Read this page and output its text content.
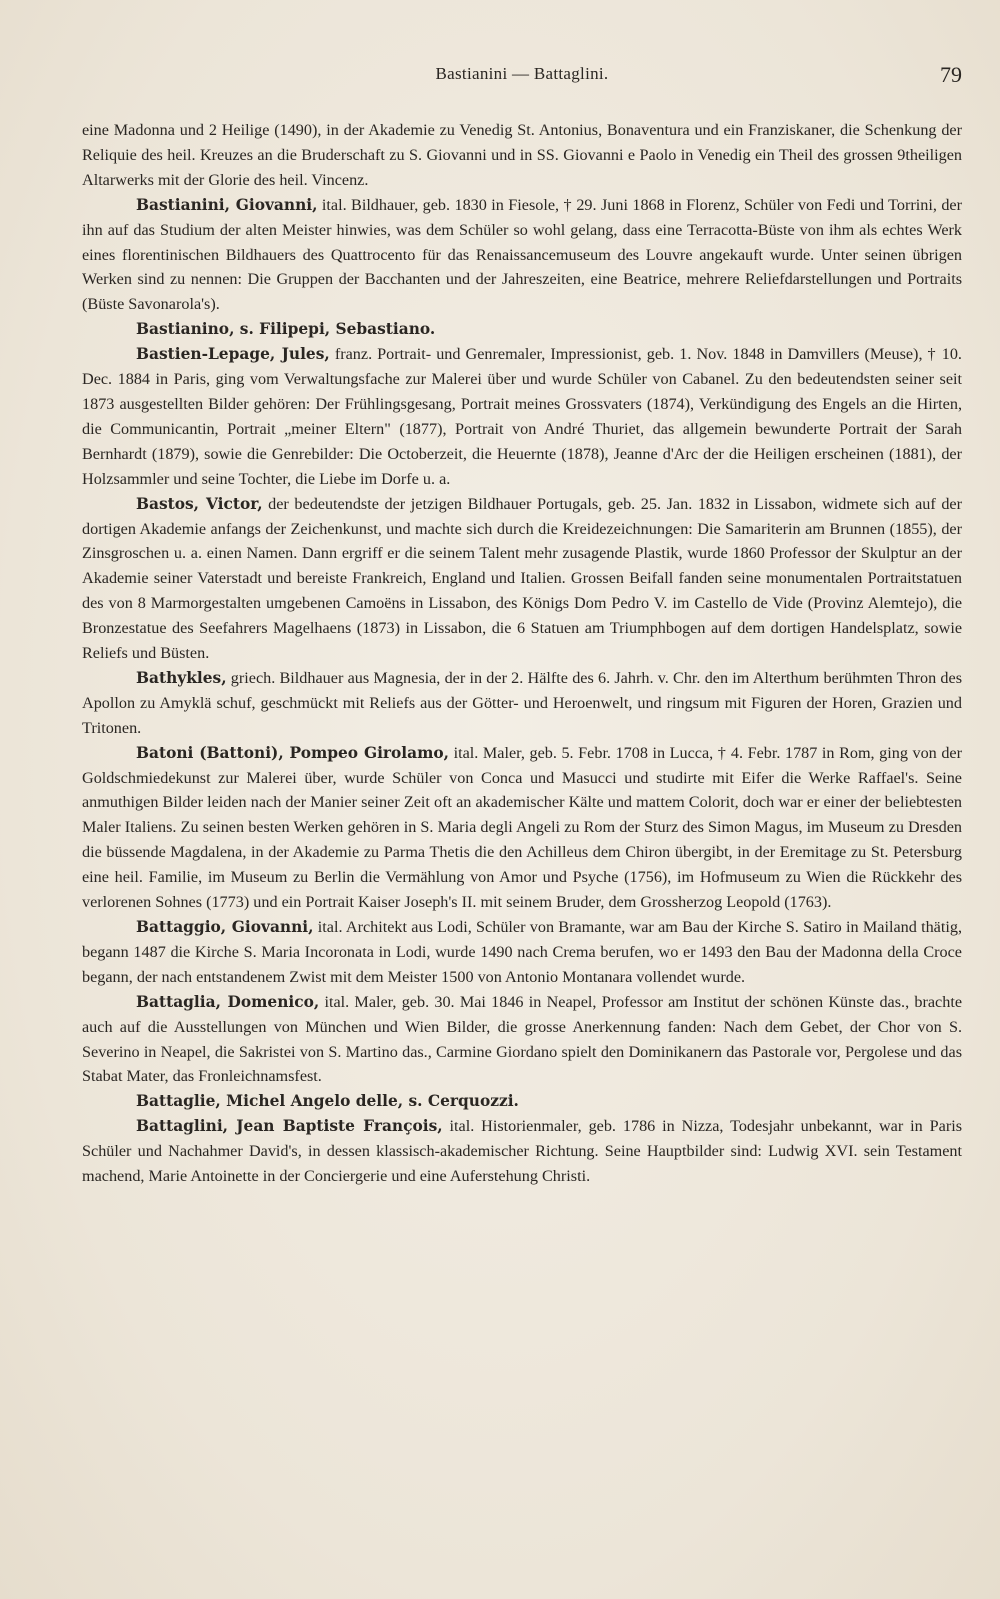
Bastianini — Battaglini.	79

eine Madonna und 2 Heilige (1490), in der Akademie zu Venedig St. Antonius, Bonaventura und ein Franziskaner, die Schenkung der Reliquie des heil. Kreuzes an die Bruderschaft zu S. Giovanni und in SS. Giovanni e Paolo in Venedig ein Theil des grossen 9theiligen Altarwerks mit der Glorie des heil. Vincenz.

Bastianini, Giovanni, ital. Bildhauer, geb. 1830 in Fiesole, † 29. Juni 1868 in Florenz, Schüler von Fedi und Torrini, der ihn auf das Studium der alten Meister hinwies, was dem Schüler so wohl gelang, dass eine Terracotta-Büste von ihm als echtes Werk eines florentinischen Bildhauers des Quattrocento für das Renaissancemuseum des Louvre angekauft wurde. Unter seinen übrigen Werken sind zu nennen: Die Gruppen der Bacchanten und der Jahreszeiten, eine Beatrice, mehrere Reliefdarstellungen und Portraits (Büste Savonarola's).

Bastianino, s. Filipepi, Sebastiano.

Bastien-Lepage, Jules, franz. Portrait- und Genremaler, Impressionist, geb. 1. Nov. 1848 in Damvillers (Meuse), † 10. Dec. 1884 in Paris, ging vom Verwaltungsfache zur Malerei über und wurde Schüler von Cabanel. Zu den bedeutendsten seiner seit 1873 ausgestellten Bilder gehören: Der Frühlingsgesang, Portrait meines Grossvaters (1874), Verkündigung des Engels an die Hirten, die Communicantin, Portrait „meiner Eltern" (1877), Portrait von André Thuriet, das allgemein bewunderte Portrait der Sarah Bernhardt (1879), sowie die Genrebilder: Die Octoberzeit, die Heuernte (1878), Jeanne d'Arc der die Heiligen erscheinen (1881), der Holzsammler und seine Tochter, die Liebe im Dorfe u. a.

Bastos, Victor, der bedeutendste der jetzigen Bildhauer Portugals, geb. 25. Jan. 1832 in Lissabon, widmete sich auf der dortigen Akademie anfangs der Zeichenkunst, und machte sich durch die Kreidezeichnungen: Die Samariterin am Brunnen (1855), der Zinsgroschen u. a. einen Namen. Dann ergriff er die seinem Talent mehr zusagende Plastik, wurde 1860 Professor der Skulptur an der Akademie seiner Vaterstadt und bereiste Frankreich, England und Italien. Grossen Beifall fanden seine monumentalen Portraitstatuen des von 8 Marmorgestalten umgebenen Camoëns in Lissabon, des Königs Dom Pedro V. im Castello de Vide (Provinz Alemtejo), die Bronzestatue des Seefahrers Magelhaens (1873) in Lissabon, die 6 Statuen am Triumphbogen auf dem dortigen Handelsplatz, sowie Reliefs und Büsten.

Bathykles, griech. Bildhauer aus Magnesia, der in der 2. Hälfte des 6. Jahrh. v. Chr. den im Alterthum berühmten Thron des Apollon zu Amyklä schuf, geschmückt mit Reliefs aus der Götter- und Heroenwelt, und ringsum mit Figuren der Horen, Grazien und Tritonen.

Batoni (Battoni), Pompeo Girolamo, ital. Maler, geb. 5. Febr. 1708 in Lucca, † 4. Febr. 1787 in Rom, ging von der Goldschmiedekunst zur Malerei über, wurde Schüler von Conca und Masucci und studirte mit Eifer die Werke Raffael's. Seine anmuthigen Bilder leiden nach der Manier seiner Zeit oft an akademischer Kälte und mattem Colorit, doch war er einer der beliebtesten Maler Italiens. Zu seinen besten Werken gehören in S. Maria degli Angeli zu Rom der Sturz des Simon Magus, im Museum zu Dresden die büssende Magdalena, in der Akademie zu Parma Thetis die den Achilleus dem Chiron übergibt, in der Eremitage zu St. Petersburg eine heil. Familie, im Museum zu Berlin die Vermählung von Amor und Psyche (1756), im Hofmuseum zu Wien die Rückkehr des verlorenen Sohnes (1773) und ein Portrait Kaiser Joseph's II. mit seinem Bruder, dem Grossherzog Leopold (1763).

Battaggio, Giovanni, ital. Architekt aus Lodi, Schüler von Bramante, war am Bau der Kirche S. Satiro in Mailand thätig, begann 1487 die Kirche S. Maria Incoronata in Lodi, wurde 1490 nach Crema berufen, wo er 1493 den Bau der Madonna della Croce begann, der nach entstandenem Zwist mit dem Meister 1500 von Antonio Montanara vollendet wurde.

Battaglia, Domenico, ital. Maler, geb. 30. Mai 1846 in Neapel, Professor am Institut der schönen Künste das., brachte auch auf die Ausstellungen von München und Wien Bilder, die grosse Anerkennung fanden: Nach dem Gebet, der Chor von S. Severino in Neapel, die Sakristei von S. Martino das., Carmine Giordano spielt den Dominikanern das Pastorale vor, Pergolese und das Stabat Mater, das Fronleichnamsfest.

Battaglie, Michel Angelo delle, s. Cerquozzi.

Battaglini, Jean Baptiste François, ital. Historienmaler, geb. 1786 in Nizza, Todesjahr unbekannt, war in Paris Schüler und Nachahmer David's, in dessen klassisch-akademischer Richtung. Seine Hauptbilder sind: Ludwig XVI. sein Testament machend, Marie Antoinette in der Conciergerie und eine Auferstehung Christi.
